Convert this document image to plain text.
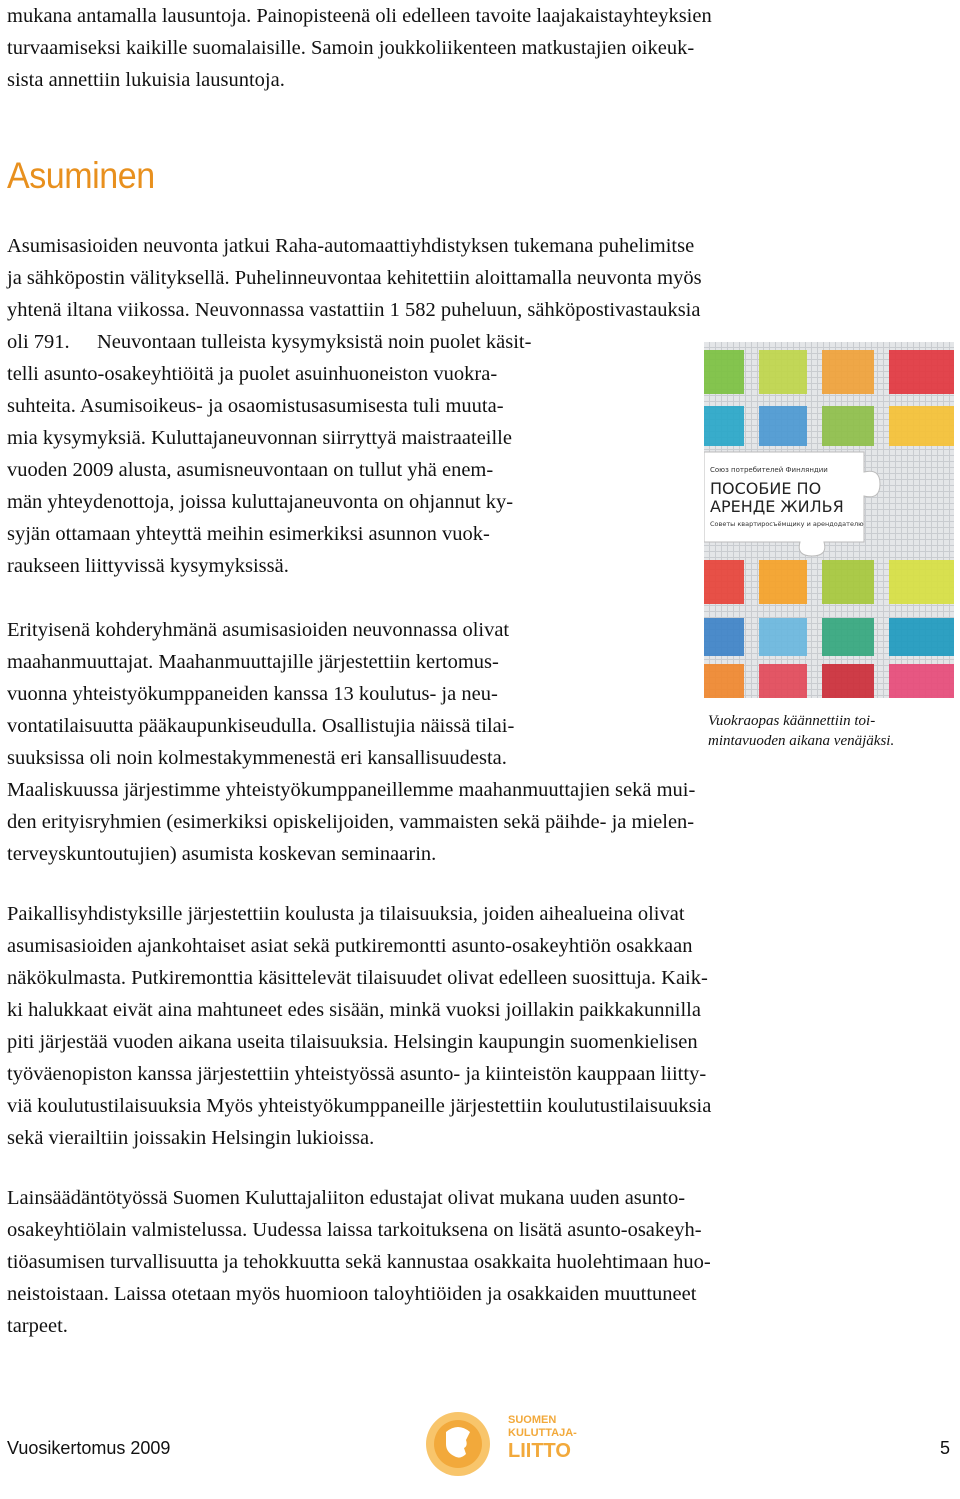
mukana antamalla lausuntoja. Painopisteenä oli edelleen tavoite laajakaistayhteyksien
turvaamiseksi kaikille suomalaisille. Samoin joukkoliikenteen matkustajien oikeuk-
sista annettiin lukuisia lausuntoja.

Asuminen

Asumisasioiden neuvonta jatkui Raha-automaattiyhdistyksen tukemana puhelimitse
ja sähköpostin välityksellä. Puhelinneuvontaa kehitettiin aloittamalla neuvonta myös
yhtenä iltana viikossa. Neuvonnassa vastattiin 1 582 puheluun, sähköpostivastauksia
oli 791.	Neuvontaan tulleista kysymyksistä noin puolet käsit-
telli asunto-osakeyhtiöitä ja puolet asuinhuoneiston vuokra-
suhteita. Asumisoikeus- ja osaomistusasumisesta tuli muuta-
mia kysymyksiä. Kuluttajaneuvonnan siirryttyä maistraateille
vuoden 2009 alusta, asumisneuvontaan on tullut yhä enem-
män yhteydenottoja, joissa kuluttajaneuvonta on ohjannut ky-
syjän ottamaan yhteyttä meihin esimerkiksi asunnon vuok-
raukseen liittyvissä kysymyksissä.

Erityisenä kohderyhmänä asumisasioiden neuvonnassa olivat
maahanmuuttajat. Maahanmuuttajille järjestettiin kertomus-
vuonna yhteistyökumppaneiden kanssa 13 koulutus- ja neu-
vontatilaisuutta pääkaupunkiseudulla. Osallistujia näissä tilai-
suuksissa oli noin kolmestakymmenestä eri kansallisuudesta.

Maaliskuussa järjestimme yhteistyökumppaneillemme maahanmuuttajien sekä mui-
den erityisryhmien (esimerkiksi opiskelijoiden, vammaisten sekä päihde- ja mielen-
terveyskuntoutujien) asumista koskevan seminaarin.

Paikallisyhdistyksille järjestettiin koulusta ja tilaisuuksia, joiden aihealueina olivat
asumisasioiden ajankohtaiset asiat sekä putkiremontti asunto-osakeyhtiön osakkaan
näkökulmasta. Putkiremonttia käsittelevät tilaisuudet olivat edelleen suosittuja. Kaik-
ki halukkaat eivät aina mahtuneet edes sisään, minkä vuoksi joillakin paikkakunnilla
piti järjestää vuoden aikana useita tilaisuuksia. Helsingin kaupungin suomenkielisen
työväenopiston kanssa järjestettiin yhteistyössä asunto- ja kiinteistön kauppaan liitty-
viä koulutustilaisuuksia Myös yhteistyökumppaneille järjestettiin koulutustilaisuuksia
sekä vierailtiin joissakin Helsingin lukioissa.

Lainsäädäntötyössä Suomen Kuluttajaliiton edustajat olivat mukana uuden asunto-
osakeyhtiölain valmistelussa. Uudessa laissa tarkoituksena on lisätä asunto-osakeyh-
tiöasumisen turvallisuutta ja tehokkuutta sekä kannustaa osakkaita huolehtimaan huo-
neistoistaan. Laissa otetaan myös huomioon taloyhtiöiden ja osakkaiden muuttuneet
tarpeet.

Союз потребителей Финляндии
ПОСОБИЕ ПО
АРЕНДЕ ЖИЛЬЯ
Советы квартиросъёмщику и арендодателю
Vuokraopas käännettiin toi-
mintavuoden aikana venäjäksi.
Vuosikertomus 2009	5
SUOMEN
KULUTTAJA-
LIITTO
